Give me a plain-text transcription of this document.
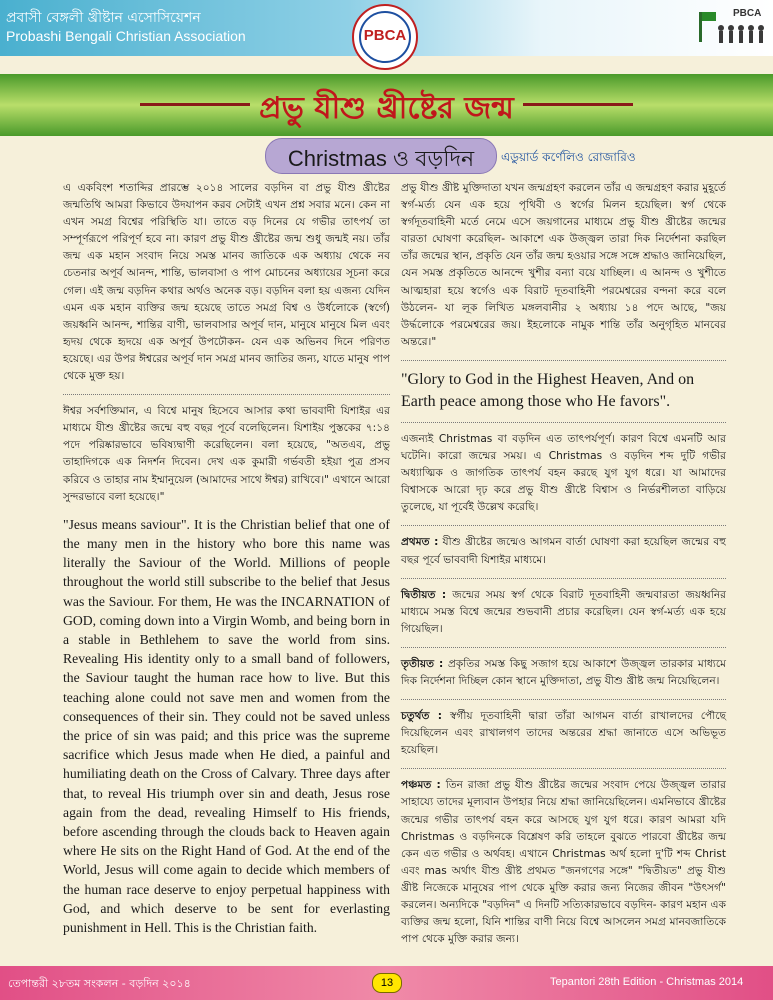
প্রবাসী বেঙ্গলী খ্রীষ্টান এসোসিয়েশন
Probashi Bengali Christian Association	PBCA
PBCA
প্রভু যীশু খ্রীষ্টের জন্ম
Christmas ও বড়দিন	এডুয়ার্ড কর্ণেলিও রোজারিও

এ একবিংশ শতাব্দির প্রারম্ভে ২০১৪ সালের বড়দিন বা প্রভু যীশু খ্রীষ্টের জন্মতিথি আমরা কিভাবে উদযাপন করব সেটাই এখন প্রশ্ন সবার মনে। কেন না এখন সমগ্র বিশ্বের পরিস্থিতি যা। তাতে বড় দিনের যে গভীর তাৎপর্য তা সম্পূর্ণরূপে পরিপূর্ণ হবে না। কারণ প্রভু যীশু খ্রীষ্টের জন্ম শুধু জন্মই নয়। তাঁর জন্ম এক মহান সংবাদ নিয়ে সমস্ত মানব জাতিকে এক অধ্যায় থেকে নব চেতনার অপূর্ব আনন্দ, শান্তি, ভালবাসা ও পাপ মোচনের অধ্যায়ের সূচনা করে গেল। এই জন্ম বড়দিন কথার অর্থও অনেক বড়। বড়দিন বলা হয় এজন্য যেদিন এমন এক মহান ব্যক্তির জন্ম হয়েছে তাতে সমগ্র বিশ্ব ও উর্ধলোকে (স্বর্গে) জয়ধ্বনি আনন্দ, শান্তির বাণী, ভালবাসার অপূর্ব দান, মানুষে মানুষে মিল এবং হৃদয় থেকে হৃদয়ে এক অপূর্ব উপঢৌকন- যেন এক অভিনব দিনে পরিণত হয়েছে। এর উপর ঈশ্বরের অপূর্ব দান সমগ্র মানব জাতির জন্য, যাতে মানুষ পাপ থেকে মুক্ত হয়।

ঈশ্বর সর্বশক্তিমান, এ বিশ্বে মানুষ হিসেবে আসার কথা ভাববাদী যিশাইর এর মাধ্যমে যীশু খ্রীষ্টের জন্মে বহু বছর পূর্বে বলেছিলেন। যিশাইয় পুস্তকের ৭:১৪ পদে পরিষ্কারভাবে ভবিষ্যদ্বাণী করেছিলেন। বলা হয়েছে, "অতএব, প্রভু তাহাদিগকে এক নিদর্শন দিবেন। দেখ এক কুমারী গর্ভবতী হইয়া পুত্র প্রসব করিবে ও তাহার নাম ইম্মানুয়েল (আমাদের সাথে ঈশ্বর) রাখিবে।" এখানে আরো সুন্দরভাবে বলা হয়েছে।"

"Jesus means saviour". It is the Christian belief that one of the many men in the history who bore this name was literally the Saviour of the World. Millions of people throughout the world still subscribe to the belief that Jesus was the Saviour. For them, He was the INCARNATION of GOD, coming down into a Virgin Womb, and being born in a stable in Bethlehem to save the world from sins. Revealing His identity only to a small band of followers, the Saviour taught the human race how to live. But this teaching alone could not save men and women from the consequences of their sin. They could not be saved unless the price of sin was paid; and this price was the supreme sacrifice which Jesus made when He died, a painful and humiliating death on the Cross of Calvary. Three days after that, to reveal His triumph over sin and death, Jesus rose again from the dead, revealing Himself to His friends, before ascending through the clouds back to Heaven again where He sits on the Right Hand of God. At the end of the World, Jesus will come again to decide which members of the human race deserve to enjoy perpetual happiness with God, and which deserve to be sent for everlasting punishment in Hell. This is the Christian faith.

প্রভু যীশু খ্রীষ্ট মুক্তিদাতা যখন জন্মগ্রহণ করলেন তাঁর এ জন্মগ্রহণ করার মুহূর্তে স্বর্গ-মর্ত্য যেন এক হয়ে পৃথিবী ও স্বর্গের মিলন হয়েছিল। স্বর্গ থেকে স্বর্গদূতবাহিনী মর্তে নেমে এসে জয়গানের মাধ্যমে প্রভু যীশু খ্রীষ্টের জন্মের বারতা ঘোষণা করেছিল- আকাশে এক উজ্জ্বল তারা দিক নির্দেশনা করছিল তাঁর জন্মের স্থান, প্রকৃতি যেন তাঁর জন্ম হওয়ার সঙ্গে সঙ্গে শ্রদ্ধাও জানিয়েছিল, যেন সমস্ত প্রকৃতিতে আনন্দে খুশীর বন্যা বয়ে যাচ্ছিল। এ আনন্দ ও খুশীতে আত্মহারা হয়ে স্বর্গেও এক বিরাট দূতবাহিনী পরমেশ্বরের বন্দনা করে বলে উঠলেন- যা লূক লিখিত মঙ্গলবানীর ২ অধ্যায় ১৪ পদে আছে, "জয় উর্দ্ধলোকে পরমেশ্বরের জয়। ইহলোকে নামুক শান্তি তাঁর অনুগৃহিত মানবের অন্তরে।"

"Glory to God in the Highest Heaven, And on Earth peace among those who He favors".

এজন্যই Christmas বা বড়দিন এত তাৎপর্যপূর্ণ। কারণ বিশ্বে এমনটি আর ঘটেনি। কারো জন্মের সময়। এ Christmas ও বড়দিন শব্দ দুটি গভীর অধ্যাত্মিক ও জাগতিক তাৎপর্য বহন করছে যুগ যুগ ধরে। যা আমাদের বিশ্বাসকে আরো দৃঢ় করে প্রভু যীশু খ্রীষ্টে বিশ্বাস ও নির্ভরশীলতা বাড়িয়ে তুলেছে, যা পূর্বেই উল্লেখ করেছি।

প্রথমত : যীশু খ্রীষ্টের জন্মেও আগমন বার্তা ঘোষণা করা হয়েছিল জন্মের বহু বছর পূর্বে ভাববাদী যিশাইর মাধ্যমে।

দ্বিতীয়ত : জন্মের সময় স্বর্গ থেকে বিরাট দূতবাহিনী জন্মবারতা জয়ধ্বনির মাধ্যমে সমস্ত বিশ্বে জন্মের শুভবানী প্রচার করেছিল। যেন স্বর্গ-মর্ত্য এক হয়ে গিয়েছিল।

তৃতীয়ত : প্রকৃতির সমস্ত কিছু সজাগ হয়ে আকাশে উজ্জ্বল তারকার মাধ্যমে দিক নির্দেশনা দিচ্ছিল কোন স্থানে মুক্তিদাতা, প্রভু যীশু খ্রীষ্ট জন্ম নিয়েছিলেন।

চতুর্থত : স্বর্গীয় দূতবাহিনী দ্বারা তাঁরা আগমন বার্তা রাখালদের পৌছে দিয়েছিলেন এবং রাখালগণ তাদের অন্তরের শ্রদ্ধা জানাতে এসে অভিভূত হয়েছিল।

পঞ্চমত : তিন রাজা প্রভু যীশু খ্রীষ্টের জন্মের সংবাদ পেয়ে উজ্জ্বল তারার সাহায্যে তাদের মূল্যবান উপহার নিয়ে শ্রদ্ধা জানিয়েছিলেন। এমনিভাবে খ্রীষ্টের জন্মের গভীর তাৎপর্য বহন করে আসছে যুগ যুগ ধরে। কারণ আমরা যদি Christmas ও বড়দিনকে বিশ্লেষণ করি তাহলে বুঝতে পারবো খ্রীষ্টের জন্ম কেন এত গভীর ও অর্থবহ। এখানে Christmas অর্থ হলো দু'টি শব্দ Christ এবং mas অর্থাৎ যীশু খ্রীষ্ট প্রথমত "জনগণের সঙ্গে" "দ্বিতীয়ত" প্রভু যীশু খ্রীষ্ট নিজেকে মানুষের পাপ থেকে মুক্তি করার জন্য নিজের জীবন "উৎসর্গ" করলেন। অন্যদিকে "বড়দিন" এ দিনটি সত্যিকারভাবে বড়দিন- কারণ মহান এক ব্যক্তির জন্ম হলো, যিনি শান্তির বাণী নিয়ে বিশ্বে আসলেন সমগ্র মানবজাতিকে পাপ থেকে মুক্তি করার জন্য।

তেপান্তরী ২৮তম সংকলন - বড়দিন ২০১৪	13	Tepantori 28th Edition - Christmas 2014
